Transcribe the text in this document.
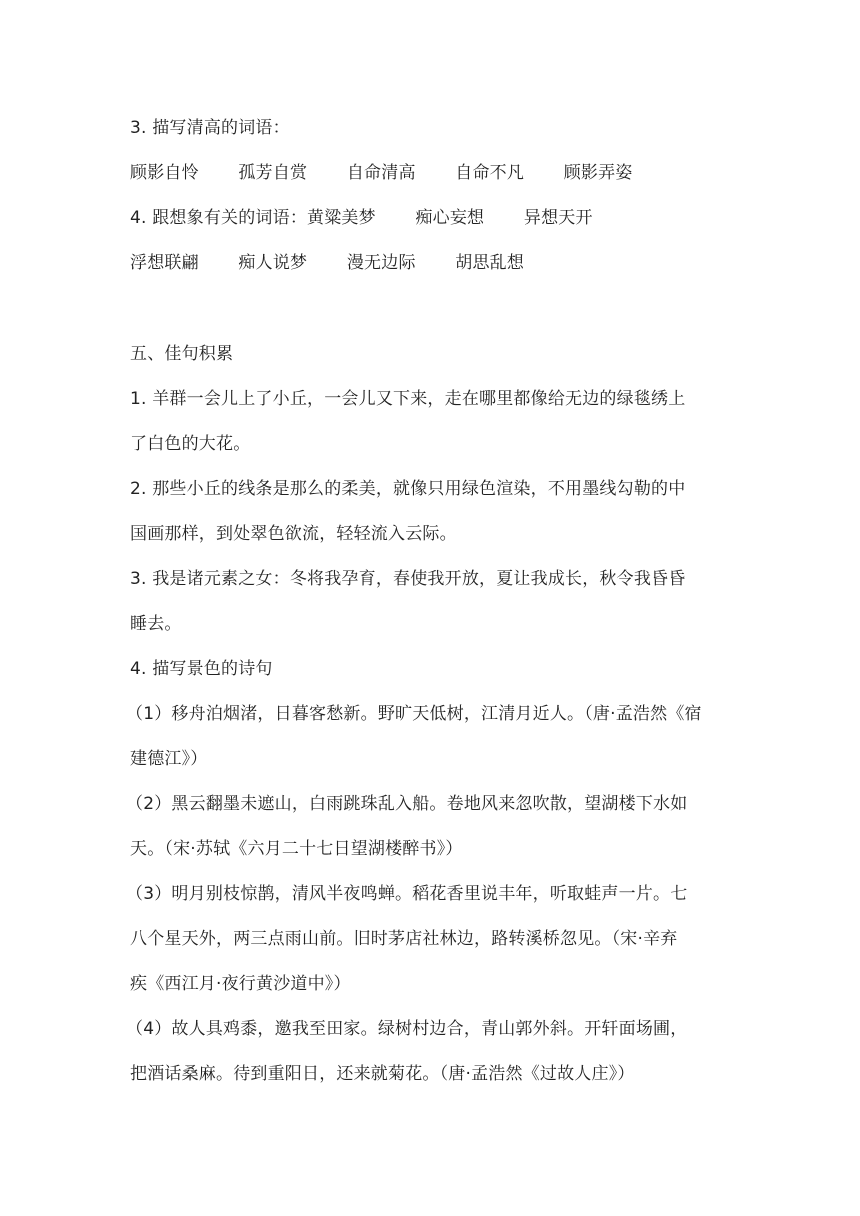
3. 描写清高的词语：
顾影自怜 孤芳自赏 自命清高 自命不凡 顾影弄姿
4. 跟想象有关的词语：黄粱美梦 痴心妄想 异想天开
浮想联翩 痴人说梦 漫无边际 胡思乱想
五、佳句积累
1. 羊群一会儿上了小丘，一会儿又下来，走在哪里都像给无边的绿毯绣上
了白色的大花。
2. 那些小丘的线条是那么的柔美，就像只用绿色渲染，不用墨线勾勒的中
国画那样，到处翠色欲流，轻轻流入云际。
3. 我是诸元素之女：冬将我孕育，春使我开放，夏让我成长，秋令我昏昏
睡去。
4. 描写景色的诗句
（1）移舟泊烟渚，日暮客愁新。野旷天低树，江清月近人。（唐·孟浩然《宿
建德江》）
（2）黑云翻墨未遮山，白雨跳珠乱入船。卷地风来忽吹散，望湖楼下水如
天。（宋·苏轼《六月二十七日望湖楼醉书》）
（3）明月别枝惊鹊，清风半夜鸣蝉。稻花香里说丰年，听取蛙声一片。七
八个星天外，两三点雨山前。旧时茅店社林边，路转溪桥忽见。（宋·辛弃
疾《西江月·夜行黄沙道中》）
（4）故人具鸡黍，邀我至田家。绿树村边合，青山郭外斜。开轩面场圃，
把酒话桑麻。待到重阳日，还来就菊花。（唐·孟浩然《过故人庄》）
